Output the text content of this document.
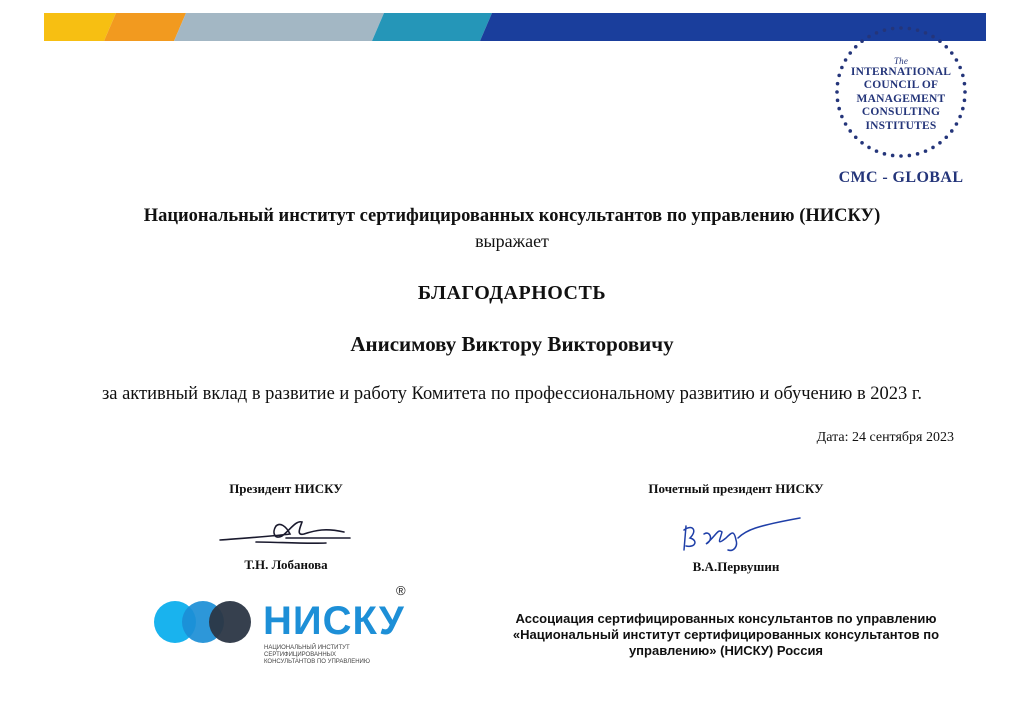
The
INTERNATIONAL
COUNCIL OF
MANAGEMENT
CONSULTING
INSTITUTES
CMC - GLOBAL
Национальный институт сертифицированных консультантов по управлению (НИСКУ)
выражает
БЛАГОДАРНОСТЬ
Анисимову Виктору Викторовичу
за активный вклад в развитие и работу Комитета по профессиональному развитию и обучению в 2023 г.
Дата: 24 сентября 2023
Президент НИСКУ	Почетный президент НИСКУ
Т.Н. Лобанова	В.А.Первушин
НИСКУ
®
НАЦИОНАЛЬНЫЙ ИНСТИТУТ СЕРТИФИЦИРОВАННЫХ
КОНСУЛЬТАНТОВ ПО УПРАВЛЕНИЮ
Ассоциация сертифицированных консультантов по управлению
«Национальный институт сертифицированных консультантов по
управлению» (НИСКУ) Россия
